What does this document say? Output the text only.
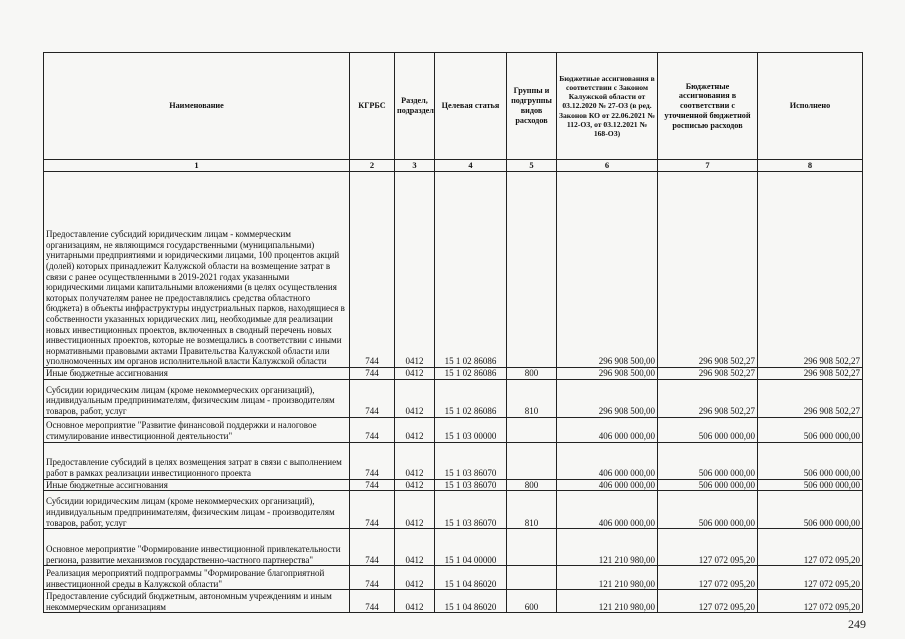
Наименование	КГРБС	Раздел, подраздел	Целевая статья	Группы и подгруппы видов расходов	Бюджетные ассигнования в соответствии с Законом Калужской области от 03.12.2020 № 27-ОЗ (в ред. Законов КО от 22.06.2021 № 112-ОЗ, от 03.12.2021 № 168-ОЗ)	Бюджетные ассигнования в соответствии с уточненной бюджетной росписью расходов	Исполнено
1	2	3	4	5	6	7	8
Предоставление субсидий юридическим лицам - коммерческим организациям, не являющимся государственными (муниципальными) унитарными предприятиями и юридическими лицами, 100 процентов акций (долей) которых принадлежит Калужской области на возмещение затрат в связи с ранее осуществленными в 2019-2021 годах указанными юридическими лицами капитальными вложениями (в целях осуществления которых получателям ранее не предоставлялись средства областного бюджета) в объекты инфраструктуры индустриальных парков, находящиеся в собственности указанных юридических лиц, необходимые для реализации новых инвестиционных проектов, включенных в сводный перечень новых инвестиционных проектов, которые не возмещались в соответствии с иными нормативными правовыми актами Правительства Калужской области или уполномоченных им органов исполнительной власти Калужской области	744	0412	15 1 02 86086		296 908 500,00	296 908 502,27	296 908 502,27
Иные бюджетные ассигнования	744	0412	15 1 02 86086	800	296 908 500,00	296 908 502,27	296 908 502,27
Субсидии юридическим лицам (кроме некоммерческих организаций), индивидуальным предпринимателям, физическим лицам - производителям товаров, работ, услуг	744	0412	15 1 02 86086	810	296 908 500,00	296 908 502,27	296 908 502,27
Основное мероприятие "Развитие финансовой поддержки и налоговое стимулирование инвестиционной деятельности"	744	0412	15 1 03 00000		406 000 000,00	506 000 000,00	506 000 000,00
Предоставление субсидий в целях возмещения затрат в связи с выполнением работ в рамках реализации инвестиционного проекта	744	0412	15 1 03 86070		406 000 000,00	506 000 000,00	506 000 000,00
Иные бюджетные ассигнования	744	0412	15 1 03 86070	800	406 000 000,00	506 000 000,00	506 000 000,00
Субсидии юридическим лицам (кроме некоммерческих организаций), индивидуальным предпринимателям, физическим лицам - производителям товаров, работ, услуг	744	0412	15 1 03 86070	810	406 000 000,00	506 000 000,00	506 000 000,00
Основное мероприятие "Формирование инвестиционной привлекательности региона, развитие механизмов государственно-частного партнерства"	744	0412	15 1 04 00000		121 210 980,00	127 072 095,20	127 072 095,20
Реализация мероприятий подпрограммы "Формирование благоприятной инвестиционной среды в Калужской области"	744	0412	15 1 04 86020		121 210 980,00	127 072 095,20	127 072 095,20
Предоставление субсидий бюджетным, автономным учреждениям и иным некоммерческим организациям	744	0412	15 1 04 86020	600	121 210 980,00	127 072 095,20	127 072 095,20
249
